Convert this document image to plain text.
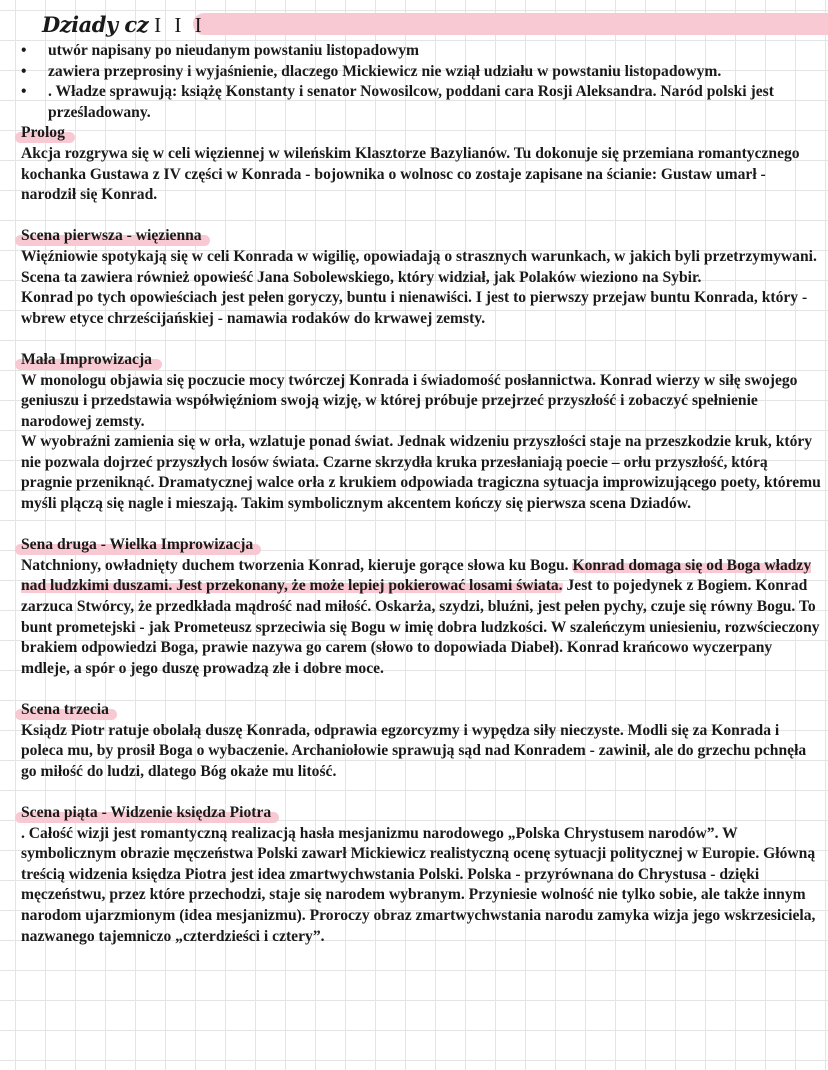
Dziady cz I I I
• utwór napisany po nieudanym powstaniu listopadowym
• zawiera przeprosiny i wyjaśnienie, dlaczego Mickiewicz nie wziął udziału w powstaniu listopadowym.
• . Władze sprawują: książę Konstanty i senator Nowosilcow, poddani cara Rosji Aleksandra. Naród polski jest prześladowany.
Prolog

Akcja rozgrywa się w celi więziennej w wileńskim Klasztorze Bazylianów. Tu dokonuje się przemiana romantycznego kochanka Gustawa z IV części w Konrada - bojownika o wolnosc co zostaje zapisane na ścianie: Gustaw umarł - narodził się Konrad.

Scena pierwsza - więzienna

Więźniowie spotykają się w celi Konrada w wigilię, opowiadają o strasznych warunkach, w jakich byli przetrzymywani. Scena ta zawiera również opowieść Jana Sobolewskiego, który widział, jak Polaków wieziono na Sybir.

Konrad po tych opowieściach jest pełen goryczy, buntu i nienawiści. I jest to pierwszy przejaw buntu Konrada, który - wbrew etyce chrześcijańskiej - namawia rodaków do krwawej zemsty.

Mała Improwizacja

W monologu objawia się poczucie mocy twórczej Konrada i świadomość posłannictwa. Konrad wierzy w siłę swojego geniuszu i przedstawia współwięźniom swoją wizję, w której próbuje przejrzeć przyszłość i zobaczyć spełnienie narodowej zemsty.

W wyobraźni zamienia się w orła, wzlatuje ponad świat. Jednak widzeniu przyszłości staje na przeszkodzie kruk, który nie pozwala dojrzeć przyszłych losów świata. Czarne skrzydła kruka przesłaniają poecie – orłu przyszłość, którą pragnie przeniknąć. Dramatycznej walce orła z krukiem odpowiada tragiczna sytuacja improwizującego poety, któremu myśli plączą się nagle i mieszają. Takim symbolicznym akcentem kończy się pierwsza scena Dziadów.

Sena druga - Wielka Improwizacja

Natchniony, owładnięty duchem tworzenia Konrad, kieruje gorące słowa ku Bogu. Konrad domaga się od Boga władzy nad ludzkimi duszami. Jest przekonany, że może lepiej pokierować losami świata. Jest to pojedynek z Bogiem. Konrad zarzuca Stwórcy, że przedkłada mądrość nad miłość. Oskarża, szydzi, bluźni, jest pełen pychy, czuje się równy Bogu. To bunt prometejski - jak Prometeusz sprzeciwia się Bogu w imię dobra ludzkości. W szaleńczym uniesieniu, rozwścieczony brakiem odpowiedzi Boga, prawie nazywa go carem (słowo to dopowiada Diabeł). Konrad krańcowo wyczerpany mdleje, a spór o jego duszę prowadzą złe i dobre moce.

Scena trzecia

Ksiądz Piotr ratuje obolałą duszę Konrada, odprawia egzorcyzmy i wypędza siły nieczyste. Modli się za Konrada i poleca mu, by prosił Boga o wybaczenie. Archaniołowie sprawują sąd nad Konradem - zawinił, ale do grzechu pchnęła go miłość do ludzi, dlatego Bóg okaże mu litość.

Scena piąta - Widzenie księdza Piotra

. Całość wizji jest romantyczną realizacją hasła mesjanizmu narodowego „Polska Chrystusem narodów”. W symbolicznym obrazie męczeństwa Polski zawarł Mickiewicz realistyczną ocenę sytuacji politycznej w Europie. Główną treścią widzenia księdza Piotra jest idea zmartwychwstania Polski. Polska - przyrównana do Chrystusa - dzięki męczeństwu, przez które przechodzi, staje się narodem wybranym. Przyniesie wolność nie tylko sobie, ale także innym narodom ujarzmionym (idea mesjanizmu). Proroczy obraz zmartwychwstania narodu zamyka wizja jego wskrzesiciela, nazwanego tajemniczo „czterdzieści i cztery”.
